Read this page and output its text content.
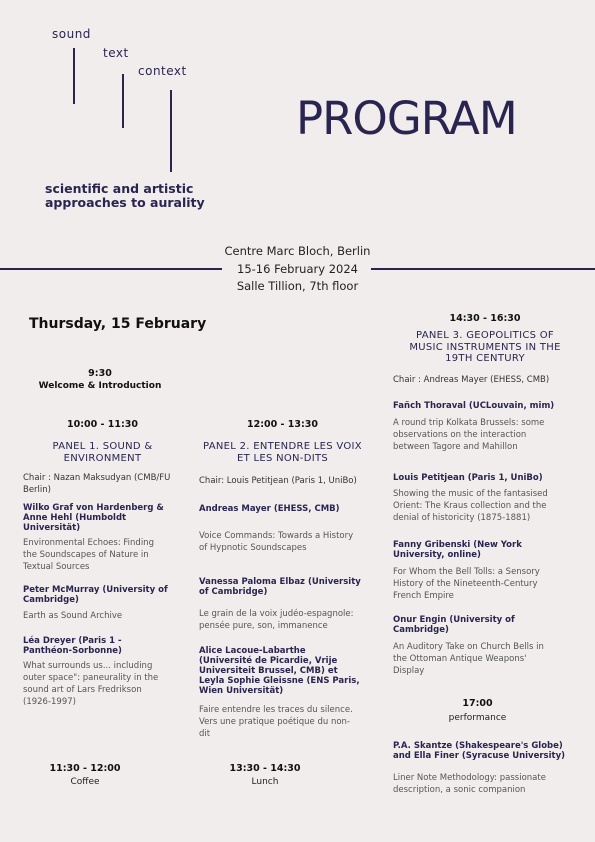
sound
text
context
scientific and artistic
approaches to aurality
PROGRAM
Centre Marc Bloch, Berlin
15-16 February 2024
Salle Tillion, 7th floor
Thursday, 15 February
9:30
Welcome & Introduction
10:00 - 11:30
PANEL 1. SOUND &
ENVIRONMENT
Chair : Nazan Maksudyan (CMB/FU
Berlin)
Wilko Graf von Hardenberg &
Anne Hehl (Humboldt
Universität)
Environmental Echoes: Finding
the Soundscapes of Nature in
Textual Sources
Peter McMurray (University of
Cambridge)
Earth as Sound Archive
Léa Dreyer (Paris 1 -
Panthéon-Sorbonne)
What surrounds us... including
outer space": paneurality in the
sound art of Lars Fredrikson
(1926-1997)
11:30 - 12:00
Coffee
12:00 - 13:30
PANEL 2. ENTENDRE LES VOIX
ET LES NON-DITS
Chair: Louis Petitjean (Paris 1, UniBo)
Andreas Mayer (EHESS, CMB)
Voice Commands: Towards a History
of Hypnotic Soundscapes
Vanessa Paloma Elbaz (University
of Cambridge)
Le grain de la voix judéo-espagnole:
pensée pure, son, immanence
Alice Lacoue-Labarthe
(Université de Picardie, Vrije
Universiteit Brussel, CMB) et
Leyla Sophie Gleissne (ENS Paris,
Wien Universität)
Faire entendre les traces du silence.
Vers une pratique poétique du non-
dit
13:30 - 14:30
Lunch
14:30 - 16:30
PANEL 3. GEOPOLITICS OF
MUSIC INSTRUMENTS IN THE
19TH CENTURY
Chair : Andreas Mayer (EHESS, CMB)
Fañch Thoraval (UCLouvain, mim)
A round trip Kolkata Brussels: some
observations on the interaction
between Tagore and Mahillon
Louis Petitjean (Paris 1, UniBo)
Showing the music of the fantasised
Orient: The Kraus collection and the
denial of historicity (1875-1881)
Fanny Gribenski (New York
University, online)
For Whom the Bell Tolls: a Sensory
History of the Nineteenth-Century
French Empire
Onur Engin (University of
Cambridge)
An Auditory Take on Church Bells in
the Ottoman Antique Weapons'
Display
17:00
performance
P.A. Skantze (Shakespeare's Globe)
and Ella Finer (Syracuse University)
Liner Note Methodology: passionate
description, a sonic companion
